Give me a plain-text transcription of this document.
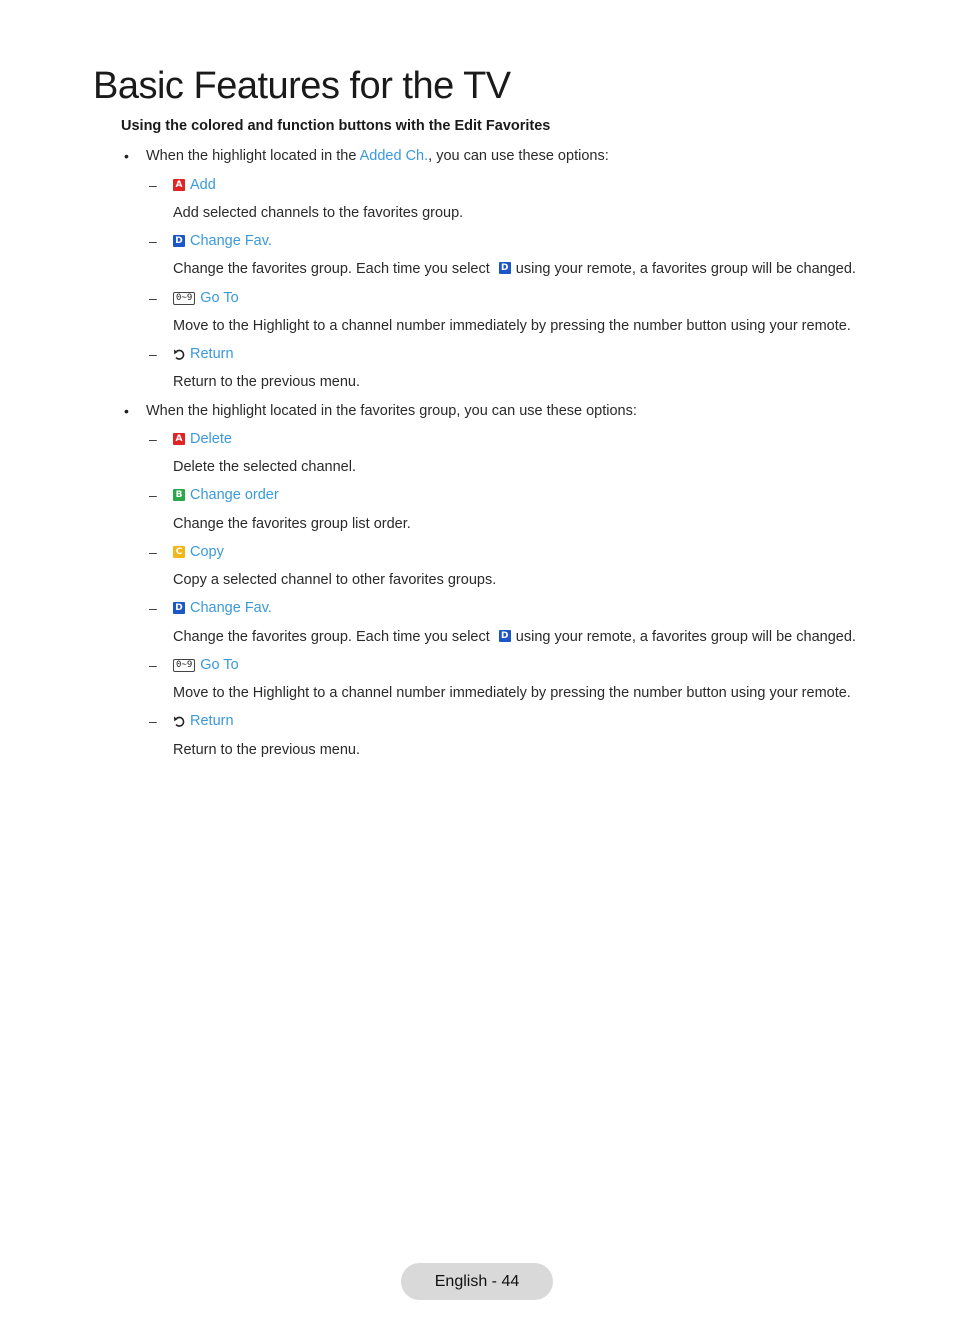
Basic Features for the TV
Using the colored and function buttons with the Edit Favorites
• When the highlight located in the Added Ch., you can use these options:
– A Add
Add selected channels to the favorites group.
– D Change Fav.
Change the favorites group. Each time you select D using your remote, a favorites group will be changed.
–	0~9 Go To
Move to the Highlight to a channel number immediately by pressing the number button using your remote.
– Return
Return to the previous menu.
• When the highlight located in the favorites group, you can use these options:
– A Delete
Delete the selected channel.
– B Change order
Change the favorites group list order.
– C Copy
Copy a selected channel to other favorites groups.
– D Change Fav.
Change the favorites group. Each time you select D using your remote, a favorites group will be changed.
–	0~9 Go To
Move to the Highlight to a channel number immediately by pressing the number button using your remote.
– Return
Return to the previous menu.
English - 44
